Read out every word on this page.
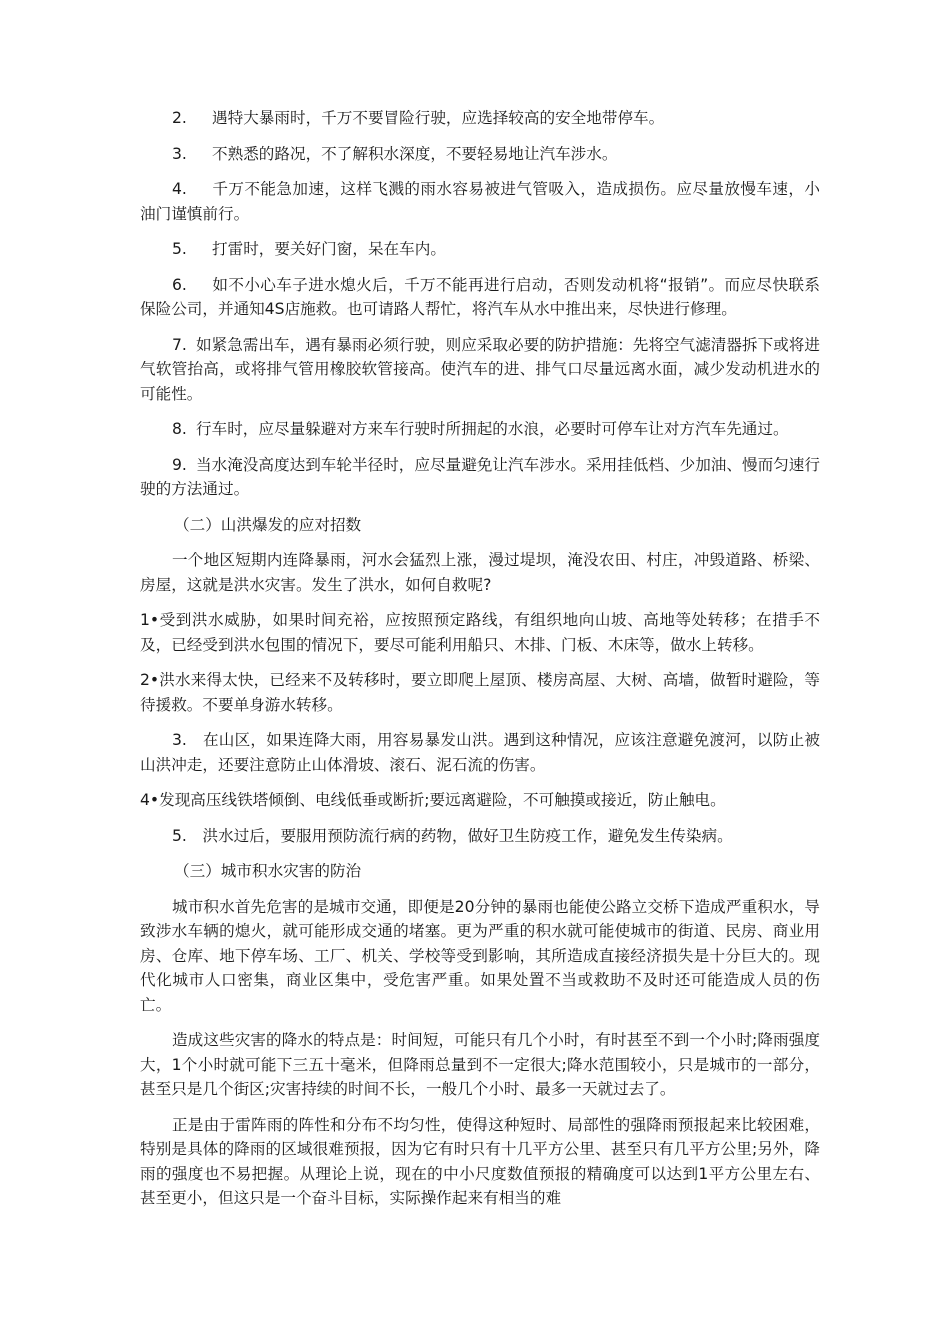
2. 遇特大暴雨时，千万不要冒险行驶，应选择较高的安全地带停车。

3. 不熟悉的路况，不了解积水深度，不要轻易地让汽车涉水。

4. 千万不能急加速，这样飞溅的雨水容易被进气管吸入，造成损伤。应尽量放慢车速，小油门谨慎前行。

5. 打雷时，要关好门窗，呆在车内。

6. 如不小心车子进水熄火后，千万不能再进行启动，否则发动机将“报销”。而应尽快联系保险公司，并通知4S店施救。也可请路人帮忙，将汽车从水中推出来，尽快进行修理。

7. 如紧急需出车，遇有暴雨必须行驶，则应采取必要的防护措施：先将空气滤清器拆下或将进气软管抬高，或将排气管用橡胶软管接高。使汽车的进、排气口尽量远离水面，减少发动机进水的可能性。

8. 行车时，应尽量躲避对方来车行驶时所拥起的水浪，必要时可停车让对方汽车先通过。

9. 当水淹没高度达到车轮半径时，应尽量避免让汽车涉水。采用挂低档、少加油、慢而匀速行驶的方法通过。

（二）山洪爆发的应对招数

一个地区短期内连降暴雨，河水会猛烈上涨，漫过堤坝，淹没农田、村庄，冲毁道路、桥梁、房屋，这就是洪水灾害。发生了洪水，如何自救呢?

1•受到洪水威胁，如果时间充裕，应按照预定路线，有组织地向山坡、高地等处转移；在措手不及，已经受到洪水包围的情况下，要尽可能利用船只、木排、门板、木床等，做水上转移。

2•洪水来得太快，已经来不及转移时，要立即爬上屋顶、楼房高屋、大树、高墙，做暂时避险，等待援救。不要单身游水转移。

3.　在山区，如果连降大雨，用容易暴发山洪。遇到这种情况，应该注意避免渡河，以防止被山洪冲走，还要注意防止山体滑坡、滚石、泥石流的伤害。

4•发现高压线铁塔倾倒、电线低垂或断折;要远离避险，不可触摸或接近，防止触电。

5.　洪水过后，要服用预防流行病的药物，做好卫生防疫工作，避免发生传染病。

（三）城市积水灾害的防治

城市积水首先危害的是城市交通，即便是20分钟的暴雨也能使公路立交桥下造成严重积水，导致涉水车辆的熄火，就可能形成交通的堵塞。更为严重的积水就可能使城市的街道、民房、商业用房、仓库、地下停车场、工厂、机关、学校等受到影响，其所造成直接经济损失是十分巨大的。现代化城市人口密集，商业区集中，受危害严重。如果处置不当或救助不及时还可能造成人员的伤亡。

造成这些灾害的降水的特点是：时间短，可能只有几个小时，有时甚至不到一个小时;降雨强度大，1个小时就可能下三五十毫米，但降雨总量到不一定很大;降水范围较小，只是城市的一部分，甚至只是几个街区;灾害持续的时间不长，一般几个小时、最多一天就过去了。

正是由于雷阵雨的阵性和分布不均匀性，使得这种短时、局部性的强降雨预报起来比较困难，特别是具体的降雨的区域很难预报，因为它有时只有十几平方公里、甚至只有几平方公里;另外，降雨的强度也不易把握。从理论上说，现在的中小尺度数值预报的精确度可以达到1平方公里左右、甚至更小，但这只是一个奋斗目标，实际操作起来有相当的难
